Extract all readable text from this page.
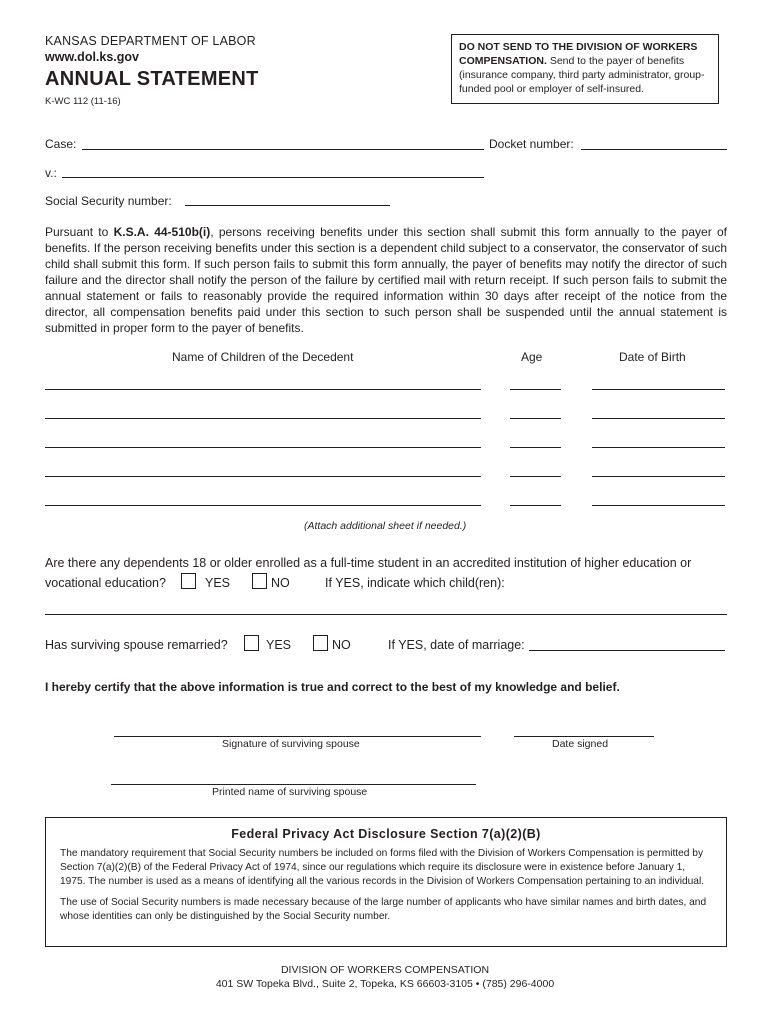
KANSAS DEPARTMENT OF LABOR
www.dol.ks.gov
ANNUAL STATEMENT
K-WC 112 (11-16)
DO NOT SEND TO THE DIVISION OF WORKERS COMPENSATION. Send to the payer of benefits (insurance company, third party administrator, group-funded pool or employer of self-insured.
Case:	Docket number:
v.:
Social Security number:
Pursuant to K.S.A. 44-510b(i), persons receiving benefits under this section shall submit this form annually to the payer of benefits. If the person receiving benefits under this section is a dependent child subject to a conservator, the conservator of such child shall submit this form. If such person fails to submit this form annually, the payer of benefits may notify the director of such failure and the director shall notify the person of the failure by certified mail with return receipt. If such person fails to submit the annual statement or fails to reasonably provide the required information within 30 days after receipt of the notice from the director, all compensation benefits paid under this section to such person shall be suspended until the annual statement is submitted in proper form to the payer of benefits.
Name of Children of the Decedent	Age	Date of Birth
(Attach additional sheet if needed.)
Are there any dependents 18 or older enrolled as a full-time student in an accredited institution of higher education or
vocational education?	YES	NO	If YES, indicate which child(ren):
Has surviving spouse remarried?	YES	NO	If YES, date of marriage:
I hereby certify that the above information is true and correct to the best of my knowledge and belief.
Signature of surviving spouse	Date signed
Printed name of surviving spouse
Federal Privacy Act Disclosure Section 7(a)(2)(B)

The mandatory requirement that Social Security numbers be included on forms filed with the Division of Workers Compensation is permitted by Section 7(a)(2)(B) of the Federal Privacy Act of 1974, since our regulations which require its disclosure were in existence before January 1, 1975. The number is used as a means of identifying all the various records in the Division of Workers Compensation pertaining to an individual.

The use of Social Security numbers is made necessary because of the large number of applicants who have similar names and birth dates, and whose identities can only be distinguished by the Social Security number.

DIVISION OF WORKERS COMPENSATION
401 SW Topeka Blvd., Suite 2, Topeka, KS 66603-3105 • (785) 296-4000
